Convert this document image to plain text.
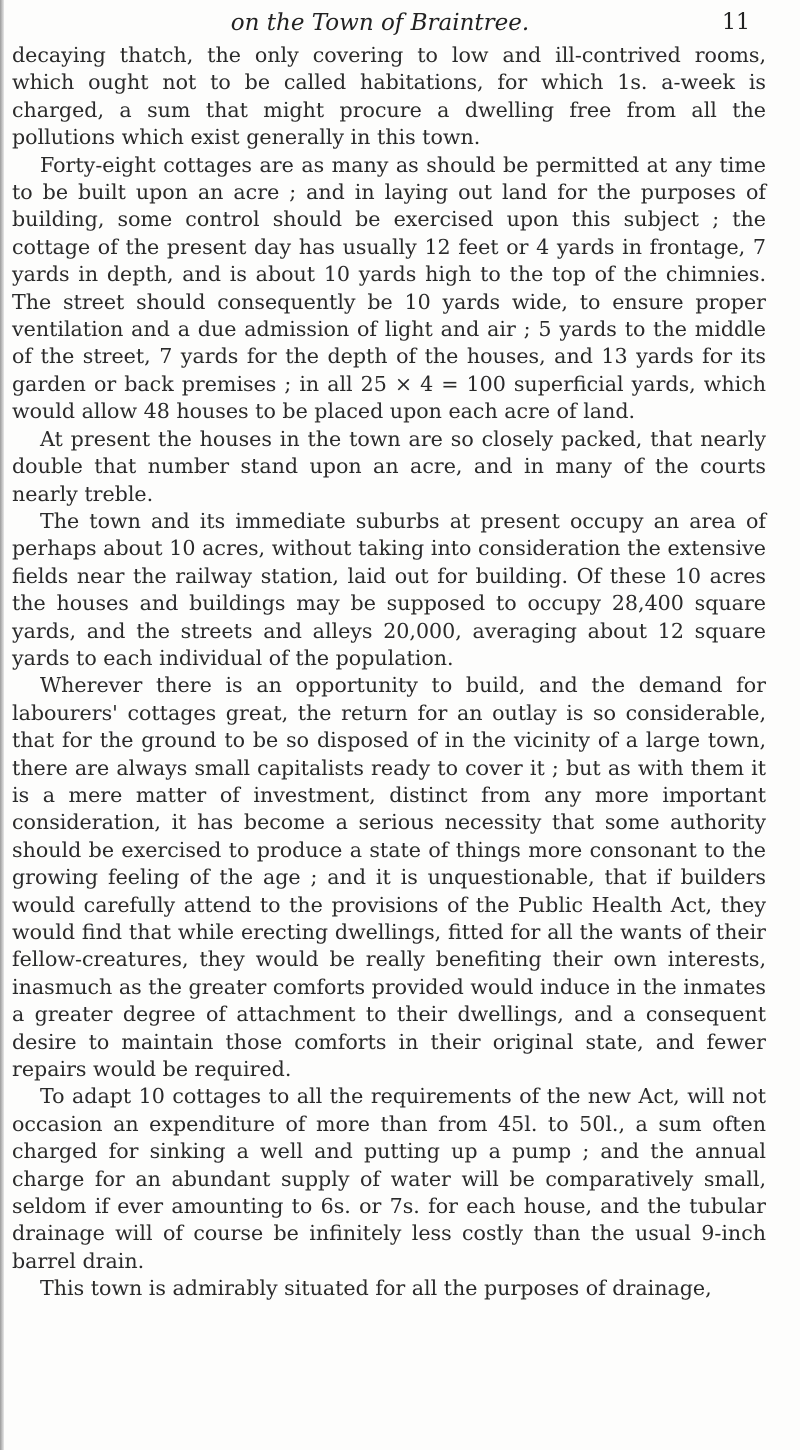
on the Town of Braintree.	11

decaying thatch, the only covering to low and ill-contrived rooms, which ought not to be called habitations, for which 1s. a-week is charged, a sum that might procure a dwelling free from all the pollutions which exist generally in this town.

Forty-eight cottages are as many as should be permitted at any time to be built upon an acre ; and in laying out land for the purposes of building, some control should be exercised upon this subject ; the cottage of the present day has usually 12 feet or 4 yards in frontage, 7 yards in depth, and is about 10 yards high to the top of the chimnies. The street should consequently be 10 yards wide, to ensure proper ventilation and a due admission of light and air ; 5 yards to the middle of the street, 7 yards for the depth of the houses, and 13 yards for its garden or back premises ; in all 25 × 4 = 100 superficial yards, which would allow 48 houses to be placed upon each acre of land.

At present the houses in the town are so closely packed, that nearly double that number stand upon an acre, and in many of the courts nearly treble.

The town and its immediate suburbs at present occupy an area of perhaps about 10 acres, without taking into consideration the extensive fields near the railway station, laid out for building. Of these 10 acres the houses and buildings may be supposed to occupy 28,400 square yards, and the streets and alleys 20,000, averaging about 12 square yards to each individual of the population.

Wherever there is an opportunity to build, and the demand for labourers' cottages great, the return for an outlay is so considerable, that for the ground to be so disposed of in the vicinity of a large town, there are always small capitalists ready to cover it ; but as with them it is a mere matter of investment, distinct from any more important consideration, it has become a serious necessity that some authority should be exercised to produce a state of things more consonant to the growing feeling of the age ; and it is unquestionable, that if builders would carefully attend to the provisions of the Public Health Act, they would find that while erecting dwellings, fitted for all the wants of their fellow-creatures, they would be really benefiting their own interests, inasmuch as the greater comforts provided would induce in the inmates a greater degree of attachment to their dwellings, and a consequent desire to maintain those comforts in their original state, and fewer repairs would be required.

To adapt 10 cottages to all the requirements of the new Act, will not occasion an expenditure of more than from 45l. to 50l., a sum often charged for sinking a well and putting up a pump ; and the annual charge for an abundant supply of water will be comparatively small, seldom if ever amounting to 6s. or 7s. for each house, and the tubular drainage will of course be infinitely less costly than the usual 9-inch barrel drain.

This town is admirably situated for all the purposes of drainage,
